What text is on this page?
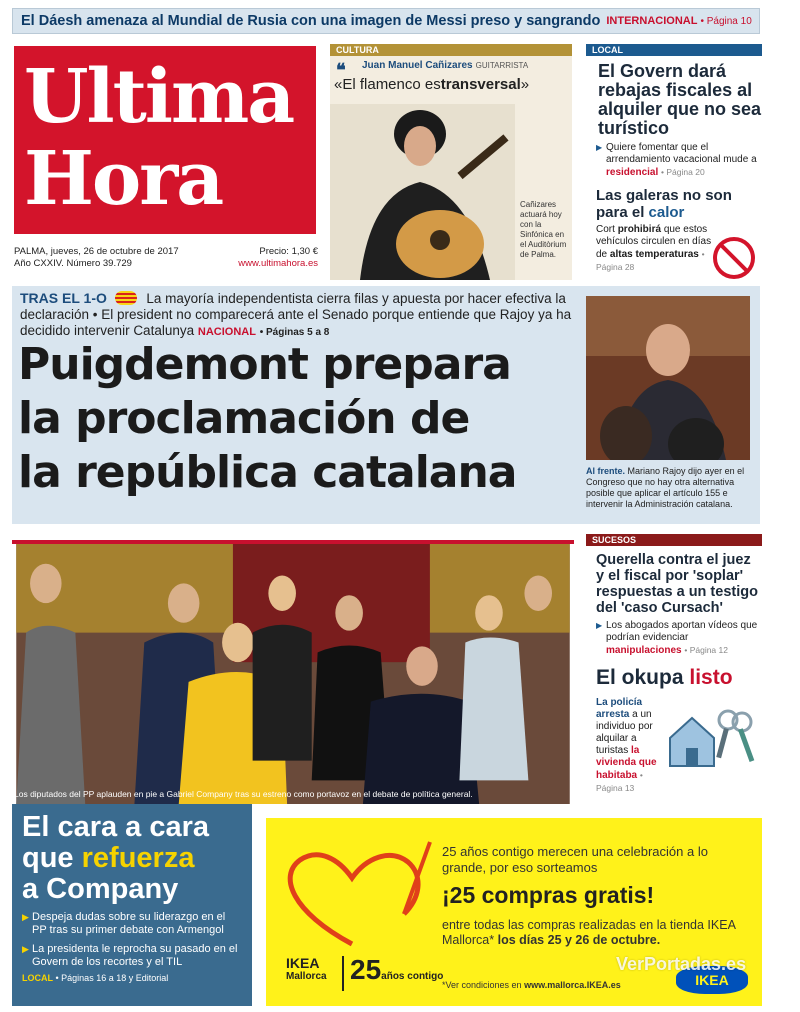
El Dáesh amenaza al Mundial de Rusia con una imagen de Messi preso y sangrando INTERNACIONAL • Página 10
Ultima
Hora
PALMA, jueves, 26 de octubre de 2017
Año CXXIV. Número 39.729
Precio: 1,30 €
www.ultimahora.es
CULTURA
❝	Juan Manuel Cañizares GUITARRISTA
«El flamenco estransversal»
Cañizares actuará hoy con la Sinfónica en el Auditòrium de Palma.
LOCAL
El Govern dará rebajas fiscales al alquiler que no sea turístico
▶ Quiere fomentar que el arrendamiento vacacional mude a residencial • Página 20
Las galeras no son para el calor
Cort prohibirá que estos vehículos circulen en días de altas temperaturas • Página 28
TRAS EL 1-O	La mayoría independentista cierra filas y apuesta por hacer efectiva la declaración • El president no comparecerá ante el Senado porque entiende que Rajoy ya ha decidido intervenir Catalunya NACIONAL • Páginas 5 a 8
Puigdemont prepara
la proclamación de
la república catalana	Al frente. Mariano Rajoy dijo ayer en el Congreso que no hay otra alternativa posible que aplicar el artículo 155 e intervenir la Administración catalana.
Los diputados del PP aplauden en pie a Gabriel Company tras su estreno como portavoz en el debate de política general.
SUCESOS
Querella contra el juez y el fiscal por 'soplar' respuestas a un testigo del 'caso Cursach'
▶ Los abogados aportan vídeos que podrían evidenciar manipulaciones • Página 12
El okupa listo
La policía arresta a un individuo por alquilar a turistas la vivienda que habitaba • Página 13
El cara a cara
que refuerza
a Company
▶ Despeja dudas sobre su liderazgo en el PP tras su primer debate con Armengol
▶ La presidenta le reprocha su pasado en el Govern de los recortes y el TIL
LOCAL • Páginas 16 a 18 y Editorial
25 años contigo merecen una celebración a lo grande, por eso sorteamos
¡25 compras gratis!
entre todas las compras realizadas en la tienda IKEA Mallorca* los días 25 y 26 de octubre.
*Ver condiciones en www.mallorca.IKEA.es
IKEA
Mallorca 25años contigo	IKEA
VerPortadas.es
